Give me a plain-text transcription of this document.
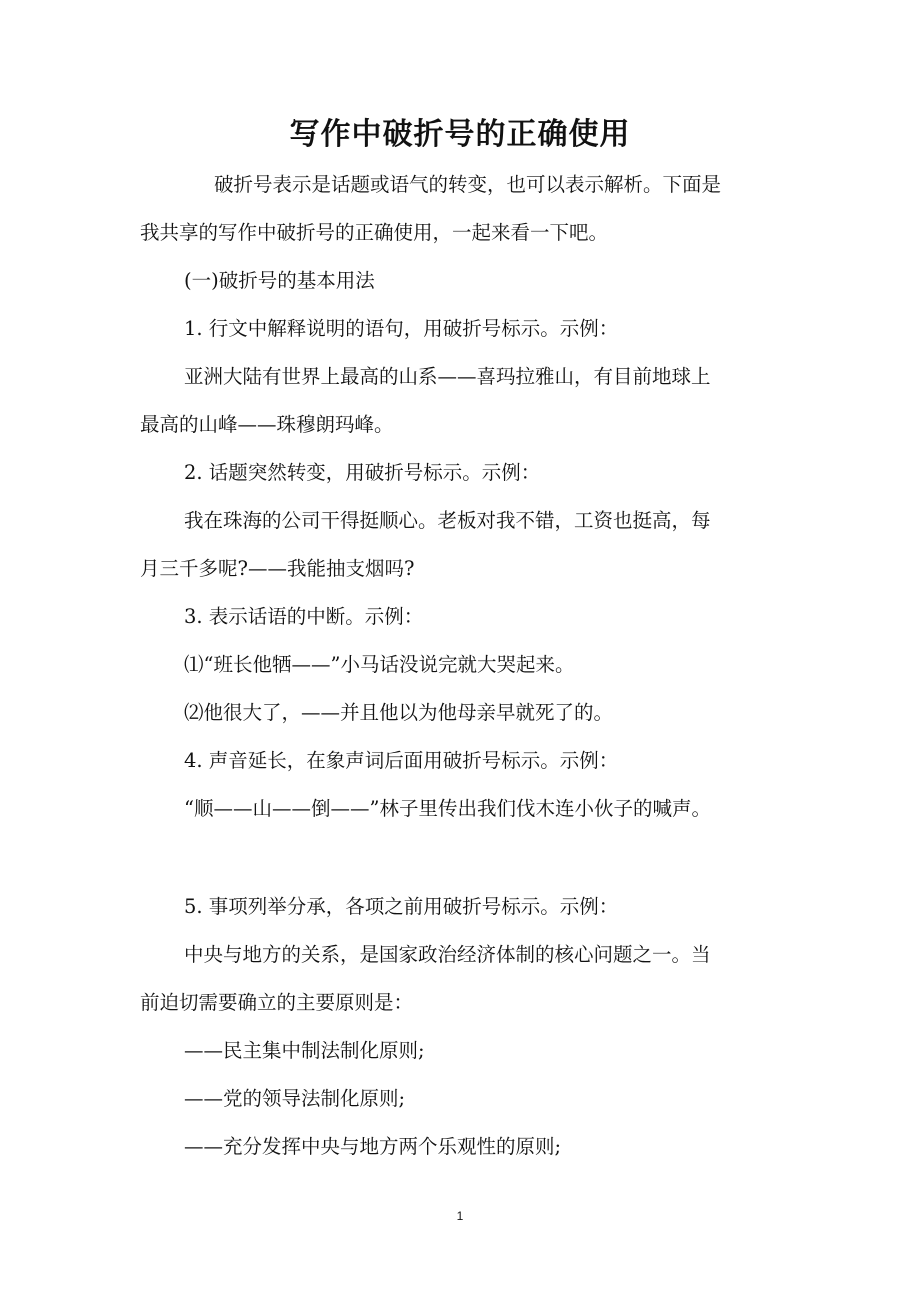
写作中破折号的正确使用

破折号表示是话题或语气的转变，也可以表示解析。下面是

我共享的写作中破折号的正确使用，一起来看一下吧。

(一)破折号的基本用法

1. 行文中解释说明的语句，用破折号标示。示例：

亚洲大陆有世界上最高的山系——喜玛拉雅山，有目前地球上

最高的山峰——珠穆朗玛峰。

2. 话题突然转变，用破折号标示。示例：

我在珠海的公司干得挺顺心。老板对我不错，工资也挺高，每

月三千多呢?——我能抽支烟吗?

3. 表示话语的中断。示例：

⑴“班长他牺——”小马话没说完就大哭起来。

⑵他很大了，——并且他以为他母亲早就死了的。

4. 声音延长，在象声词后面用破折号标示。示例：

“顺——山——倒——”林子里传出我们伐木连小伙子的喊声。

5. 事项列举分承，各项之前用破折号标示。示例：

中央与地方的关系，是国家政治经济体制的核心问题之一。当

前迫切需要确立的主要原则是：

——民主集中制法制化原则;

——党的领导法制化原则;

——充分发挥中央与地方两个乐观性的原则;

1
